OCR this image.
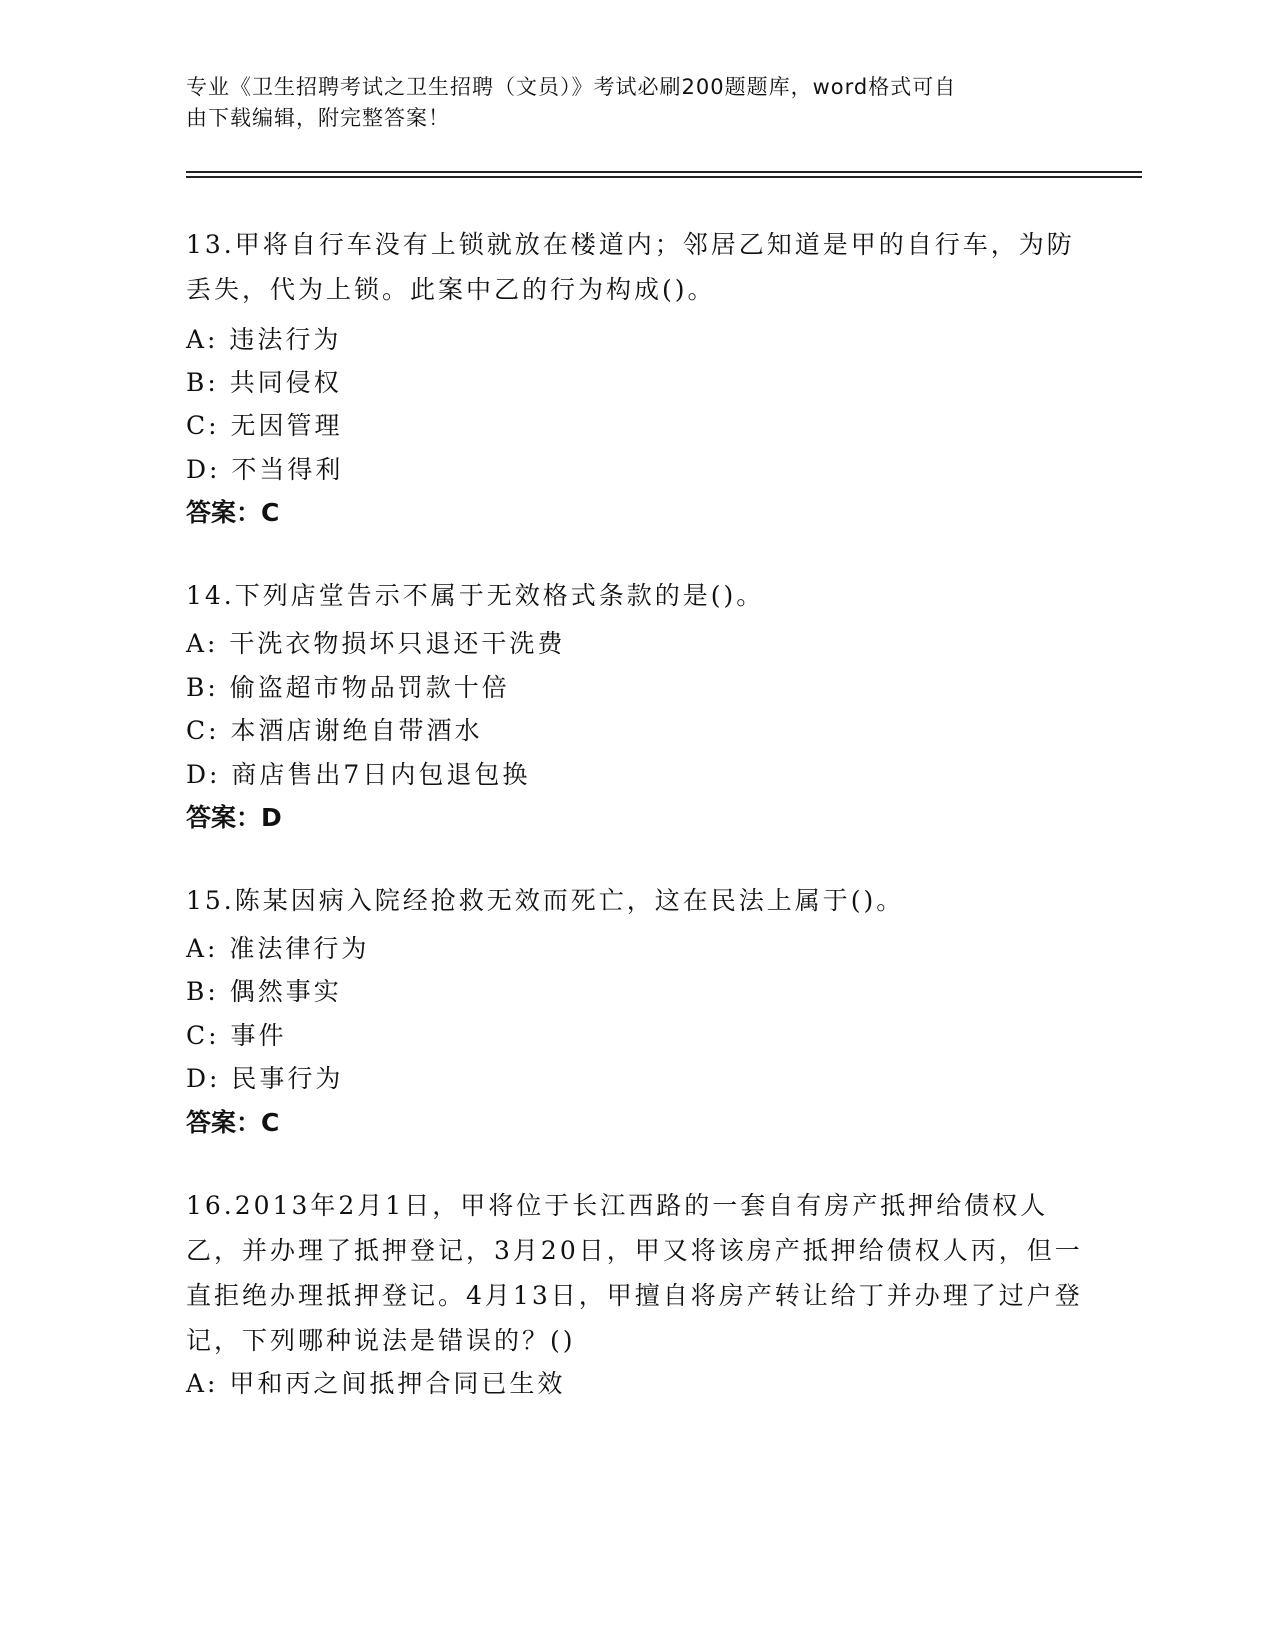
专业《卫生招聘考试之卫生招聘（文员）》考试必刷200题题库，word格式可自
由下载编辑，附完整答案！
13.甲将自行车没有上锁就放在楼道内；邻居乙知道是甲的自行车，为防丢失，代为上锁。此案中乙的行为构成()。
A: 违法行为
B: 共同侵权
C: 无因管理
D: 不当得利
答案：C
14.下列店堂告示不属于无效格式条款的是()。
A: 干洗衣物损坏只退还干洗费
B: 偷盗超市物品罚款十倍
C: 本酒店谢绝自带酒水
D: 商店售出7日内包退包换
答案：D
15.陈某因病入院经抢救无效而死亡，这在民法上属于()。
A: 准法律行为
B: 偶然事实
C: 事件
D: 民事行为
答案：C
16.2013年2月1日，甲将位于长江西路的一套自有房产抵押给债权人乙，并办理了抵押登记，3月20日，甲又将该房产抵押给债权人丙，但一直拒绝办理抵押登记。4月13日，甲擅自将房产转让给丁并办理了过户登记，下列哪种说法是错误的？()
A: 甲和丙之间抵押合同已生效
